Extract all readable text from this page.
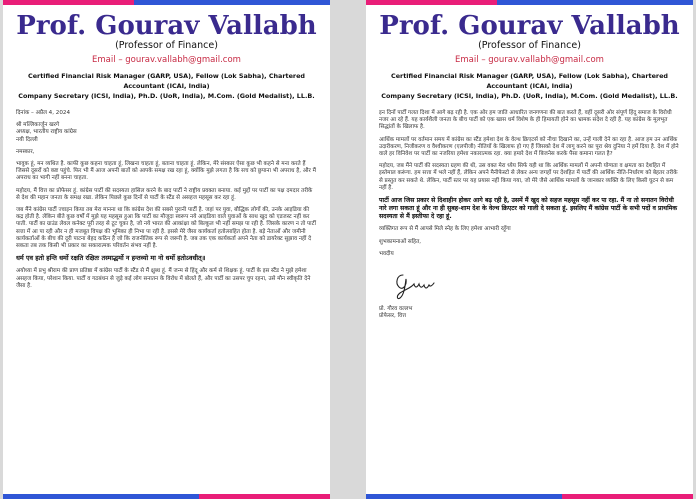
Prof. Gourav Vallabh
(Professor of Finance)
Email – gourav.vallabh@gmail.com
Certified Financial Risk Manager (GARP, USA), Fellow (Lok Sabha), Chartered Accountant (ICAI, India)
Company Secretary (ICSI, India), Ph.D. (UoR, India), M.Com. (Gold Medalist), LL.B.

दिनांक – अप्रैल 4, 2024

श्री मल्लिकार्जुन खरगे
अध्यक्ष, भारतीय राष्ट्रीय कांग्रेस
नयी दिल्ली

नमस्कार,

भावुक हूं, मन व्यथित है. काफी कुछ कहना चाहता हूं, लिखना चाहता हूं, बताना चाहता हूं. लेकिन, मेरे संस्कार ऐसा कुछ भी कहने से मना करते हैं जिससे दूसरों को कष्ट पहुंचे. फिर भी मैं आज अपनी बातों को आपके समक्ष रख रहा हूं, क्योंकि मुझे लगता है कि सच को छुपाना भी अपराध है, और मैं अपराध का भागी नहीं बनना चाहता.

महोदय, मैं वित्त का प्रोफेसर हूं. कांग्रेस पार्टी की सदस्यता हासिल करने के बाद पार्टी ने राष्ट्रीय प्रवक्ता बनाया. कई मुद्दों पर पार्टी का पक्ष दमदार तरीके से देश की महान जनता के समक्ष रखा. लेकिन पिछले कुछ दिनों से पार्टी के स्टैंड से असहज महसूस कर रहा हूं.

जब मैंने कांग्रेस पार्टी ज्वाइन किया तब मेरा मानना था कि कांग्रेस देश की सबसे पुरानी पार्टी है. जहां पर युवा, बौद्धिक लोगों की, उनके आइडिया की कद्र होती है. लेकिन बीते कुछ वर्षों में मुझे यह महसूस हुआ कि पार्टी का मौजूदा स्वरूप नये आइडिया वाले युवाओं के साथ खुद को एडजस्ट नहीं कर पाती. पार्टी का ग्राउंड लेवल कनेक्ट पूरी तरह से टूट चुका है, जो नये भारत की आकांक्षा को बिल्कुल भी नहीं समझ पा रही है. जिसके कारण न तो पार्टी सत्ता में आ पा रही और न ही मजबूत विपक्ष की भूमिका ही निभा पा रही है. इससे मेरे जैसा कार्यकर्ता हतोत्साहित होता है. बड़े नेताओं और जमीनी कार्यकर्ताओं के बीच की दूरी पाटना बेहद कठिन है जो कि राजनीतिक रूप से जरूरी है. जब तक एक कार्यकर्ता अपने नेता को डायरेक्ट सुझाव नहीं दे सकता तब तक किसी भी प्रकार का सकारात्मक परिवर्तन संभव नहीं है.

धर्म एव हतो हन्ति धर्मो रक्षति रक्षितः तस्माद्धर्मो न हन्तव्यो मा नो धर्मो हतोऽवधीत्॥

अयोध्या में प्रभु श्रीराम की प्राण प्रतिष्ठा में कांग्रेस पार्टी के स्टैंड से मैं क्षुब्ध हूं. मैं जन्म से हिंदू और कर्म से शिक्षक हूं. पार्टी के इस स्टैंड ने मुझे हमेशा असहज किया, परेशान किया. पार्टी व गठबंधन से जुड़े कई लोग सनातन के विरोध में बोलते हैं, और पार्टी का उसपर चुप रहना, उसे मौन स्वीकृति देने जैसा है.

Prof. Gourav Vallabh
(Professor of Finance)
Email – gourav.vallabh@gmail.com
Certified Financial Risk Manager (GARP, USA), Fellow (Lok Sabha), Chartered Accountant (ICAI, India)
Company Secretary (ICSI, India), Ph.D. (UoR, India), M.Com. (Gold Medalist), LL.B.

इन दिनों पार्टी गलत दिशा में आगे बढ़ रही है. एक ओर हम जाति आधारित जनगणना की बात करते हैं, वहीं दूसरी ओर संपूर्ण हिंदू समाज के विरोधी नजर आ रहे हैं. यह कार्यशैली जनता के बीच पार्टी को एक खास धर्म विशेष के ही हिमायती होने का भ्रामक संदेश दे रही है. यह कांग्रेस के मूलभूत सिद्धांतों के खिलाफ है.

आर्थिक मामलों पर वर्तमान समय में कांग्रेस का स्टैंड हमेशा देश के वेल्थ क्रिएटर्स को नीचा दिखाने का, उन्हें गाली देने का रहा है. आज हम उन आर्थिक उदारीकरण, निजीकरण व वैश्वीकरण (एलपीजी) नीतियों के खिलाफ हो गए हैं जिसको देश में लागू करने का पूरा श्रेय दुनिया ने हमें दिया है. देश में होने वाले हर विनिवेश पर पार्टी का नजरिया हमेशा नकारात्मक रहा. क्या हमारे देश में बिजनेस करके पैसा कमाना गलत है?

महोदय, जब मैंने पार्टी की सदस्यता ग्रहण की थी, उस वक्त मेरा ध्येय सिर्फ यही था कि आर्थिक मामलों में अपनी योग्यता व क्षमता का देशहित में इस्तेमाल करूंगा. हम सत्ता में भले नहीं हैं, लेकिन अपने मैनीफेस्टो से लेकर अन्य जगहों पर देशहित में पार्टी की आर्थिक नीति-निर्धारण को बेहतर तरीके से प्रस्तुत कर सकते थे. लेकिन, पार्टी स्तर पर यह प्रयास नहीं किया गया, जो मेरे जैसे आर्थिक मामलों के जानकार व्यक्ति के लिए किसी घुटन से कम नहीं है.

पार्टी आज जिस प्रकार से दिशाहीन होकर आगे बढ़ रही है, उसमें मैं खुद को सहज महसूस नहीं कर पा रहा. मैं ना तो सनातन विरोधी नारे लगा सकता हूं और ना ही सुबह-शाम देश के वेल्थ क्रिएटर को गाली दे सकता हूं. इसलिए मैं कांग्रेस पार्टी के सभी पदों व प्राथमिक सदस्यता से मैं इस्तीफा दे रहा हूं.

व्यक्तिगत रूप से मैं आपसे मिले स्नेह के लिए हमेशा आभारी रहूँगा

शुभकामनाओं सहित,

भवदीय

Gourav

प्रो. गौरव वल्लभ
प्रोफेसर, वित्त
